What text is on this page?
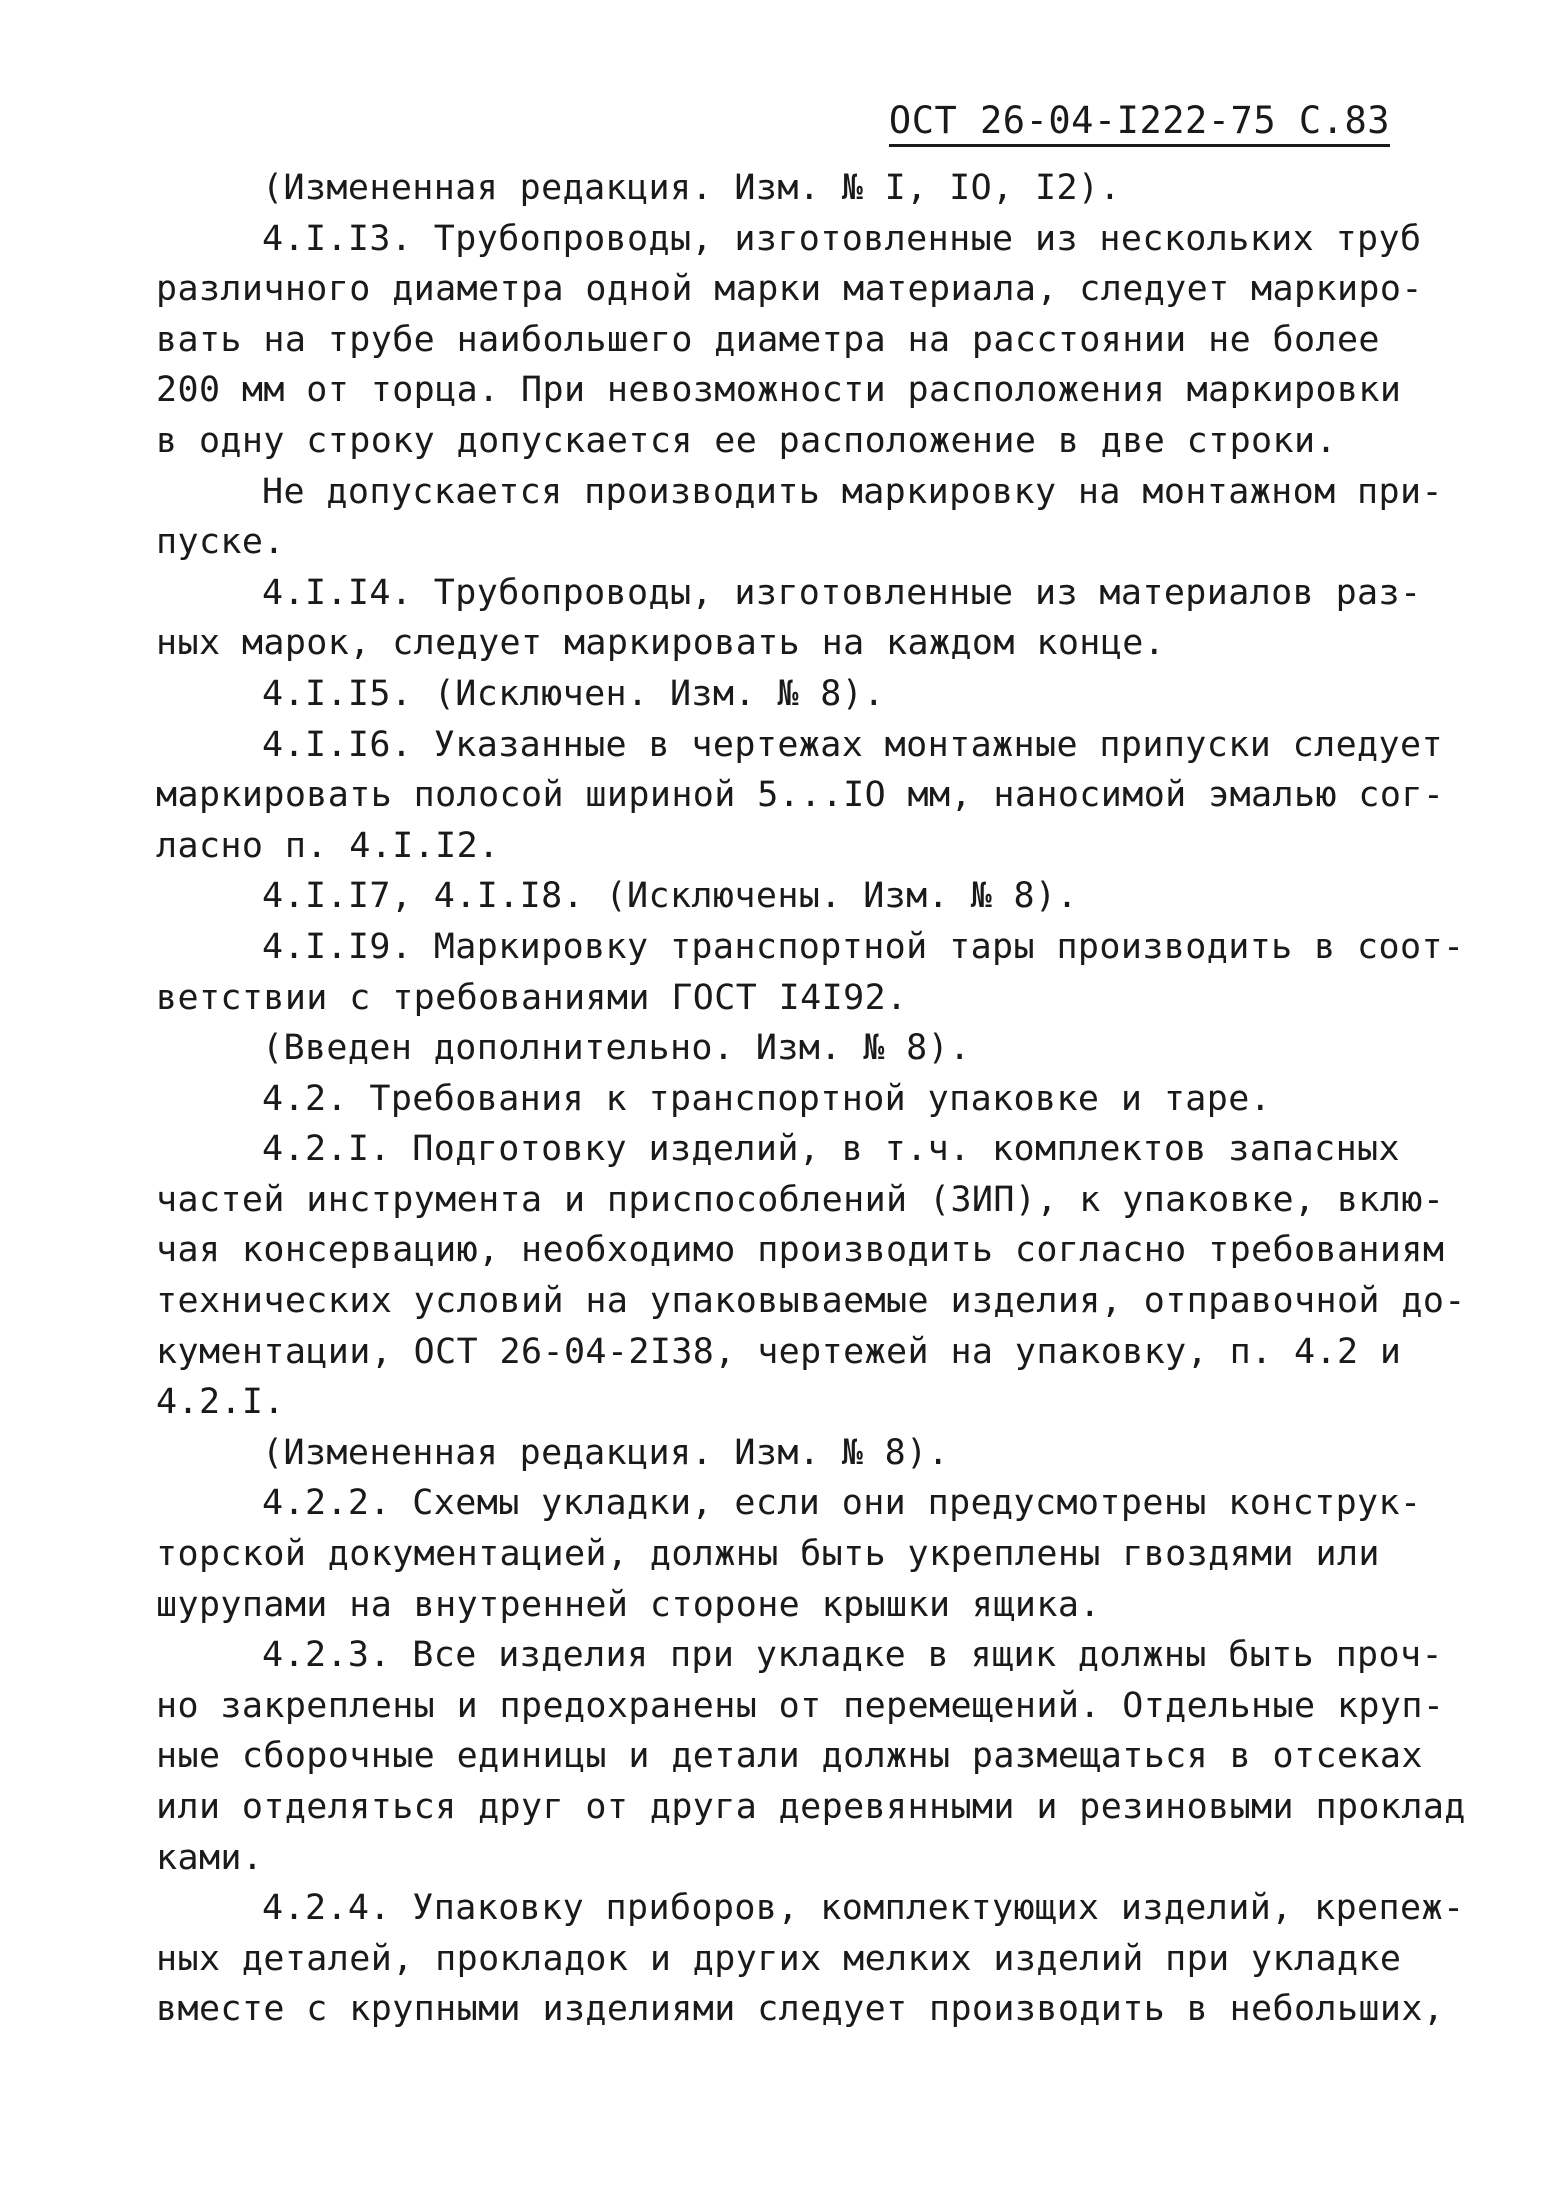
ОСТ 26-04-I222-75 С.83
(Измененная редакция. Изм. № I, IO, I2).
4.I.I3. Трубопроводы, изготовленные из нескольких труб
различного диаметра одной марки материала, следует маркиро-
вать на трубе наибольшего диаметра на расстоянии не более
200 мм от торца. При невозможности расположения маркировки
в одну строку допускается ее расположение в две строки.
Не допускается производить маркировку на монтажном при-
пуске.
4.I.I4. Трубопроводы, изготовленные из материалов раз-
ных марок, следует маркировать на каждом конце.
4.I.I5. (Исключен. Изм. № 8).
4.I.I6. Указанные в чертежах монтажные припуски следует
маркировать полосой шириной 5...IO мм, наносимой эмалью сог-
ласно п. 4.I.I2.
4.I.I7, 4.I.I8. (Исключены. Изм. № 8).
4.I.I9. Маркировку транспортной тары производить в соот-
ветствии с требованиями ГОСТ I4I92.
(Введен дополнительно. Изм. № 8).
4.2. Требования к транспортной упаковке и таре.
4.2.I. Подготовку изделий, в т.ч. комплектов запасных
частей инструмента и приспособлений (ЗИП), к упаковке, вклю-
чая консервацию, необходимо производить согласно требованиям
технических условий на упаковываемые изделия, отправочной до-
кументации, ОСТ 26-04-2I38, чертежей на упаковку, п. 4.2 и
4.2.I.
(Измененная редакция. Изм. № 8).
4.2.2. Схемы укладки, если они предусмотрены конструк-
торской документацией, должны быть укреплены гвоздями или
шурупами на внутренней стороне крышки ящика.
4.2.3. Все изделия при укладке в ящик должны быть проч-
но закреплены и предохранены от перемещений. Отдельные круп-
ные сборочные единицы и детали должны размещаться в отсеках
или отделяться друг от друга деревянными и резиновыми проклад
ками.
4.2.4. Упаковку приборов, комплектующих изделий, крепеж-
ных деталей, прокладок и других мелких изделий при укладке
вместе с крупными изделиями следует производить в небольших,
